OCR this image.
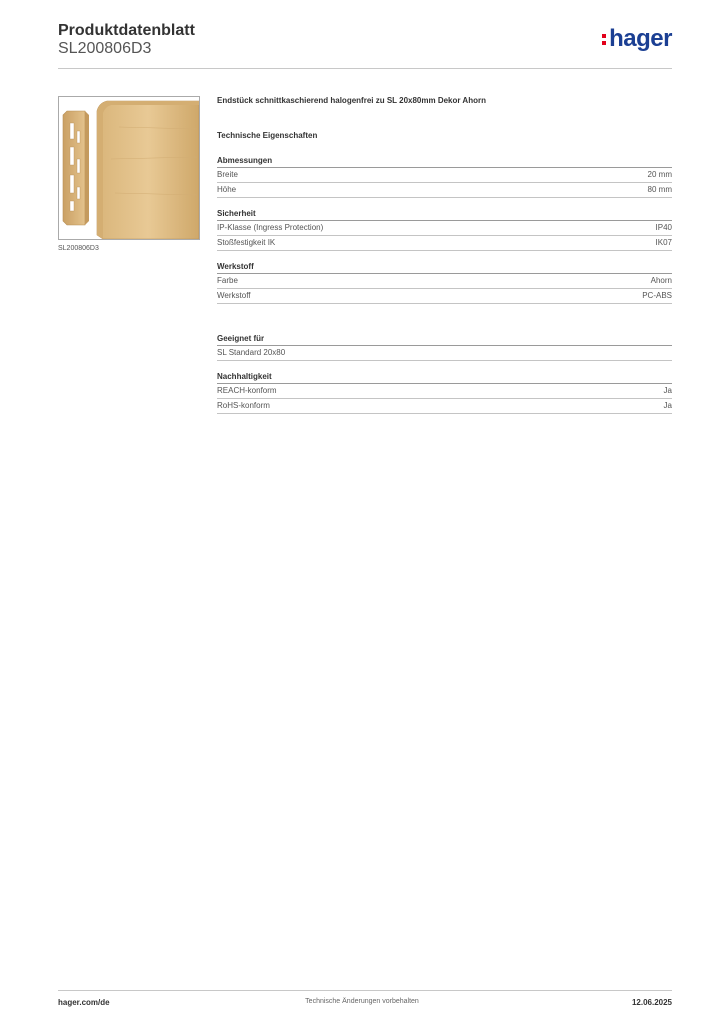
Produktdatenblatt
SL200806D3	hager
SL200806D3
Endstück schnittkaschierend halogenfrei zu SL 20x80mm Dekor Ahorn
Technische Eigenschaften
Abmessungen
Breite	20 mm
Höhe	80 mm
Sicherheit
IP-Klasse (Ingress Protection)	IP40
Stoßfestigkeit IK	IK07
Werkstoff
Farbe	Ahorn
Werkstoff	PC-ABS
Geeignet für
SL Standard 20x80
Nachhaltigkeit
REACH-konform	Ja
RoHS-konform	Ja
hager.com/de	Technische Änderungen vorbehalten	12.06.2025
